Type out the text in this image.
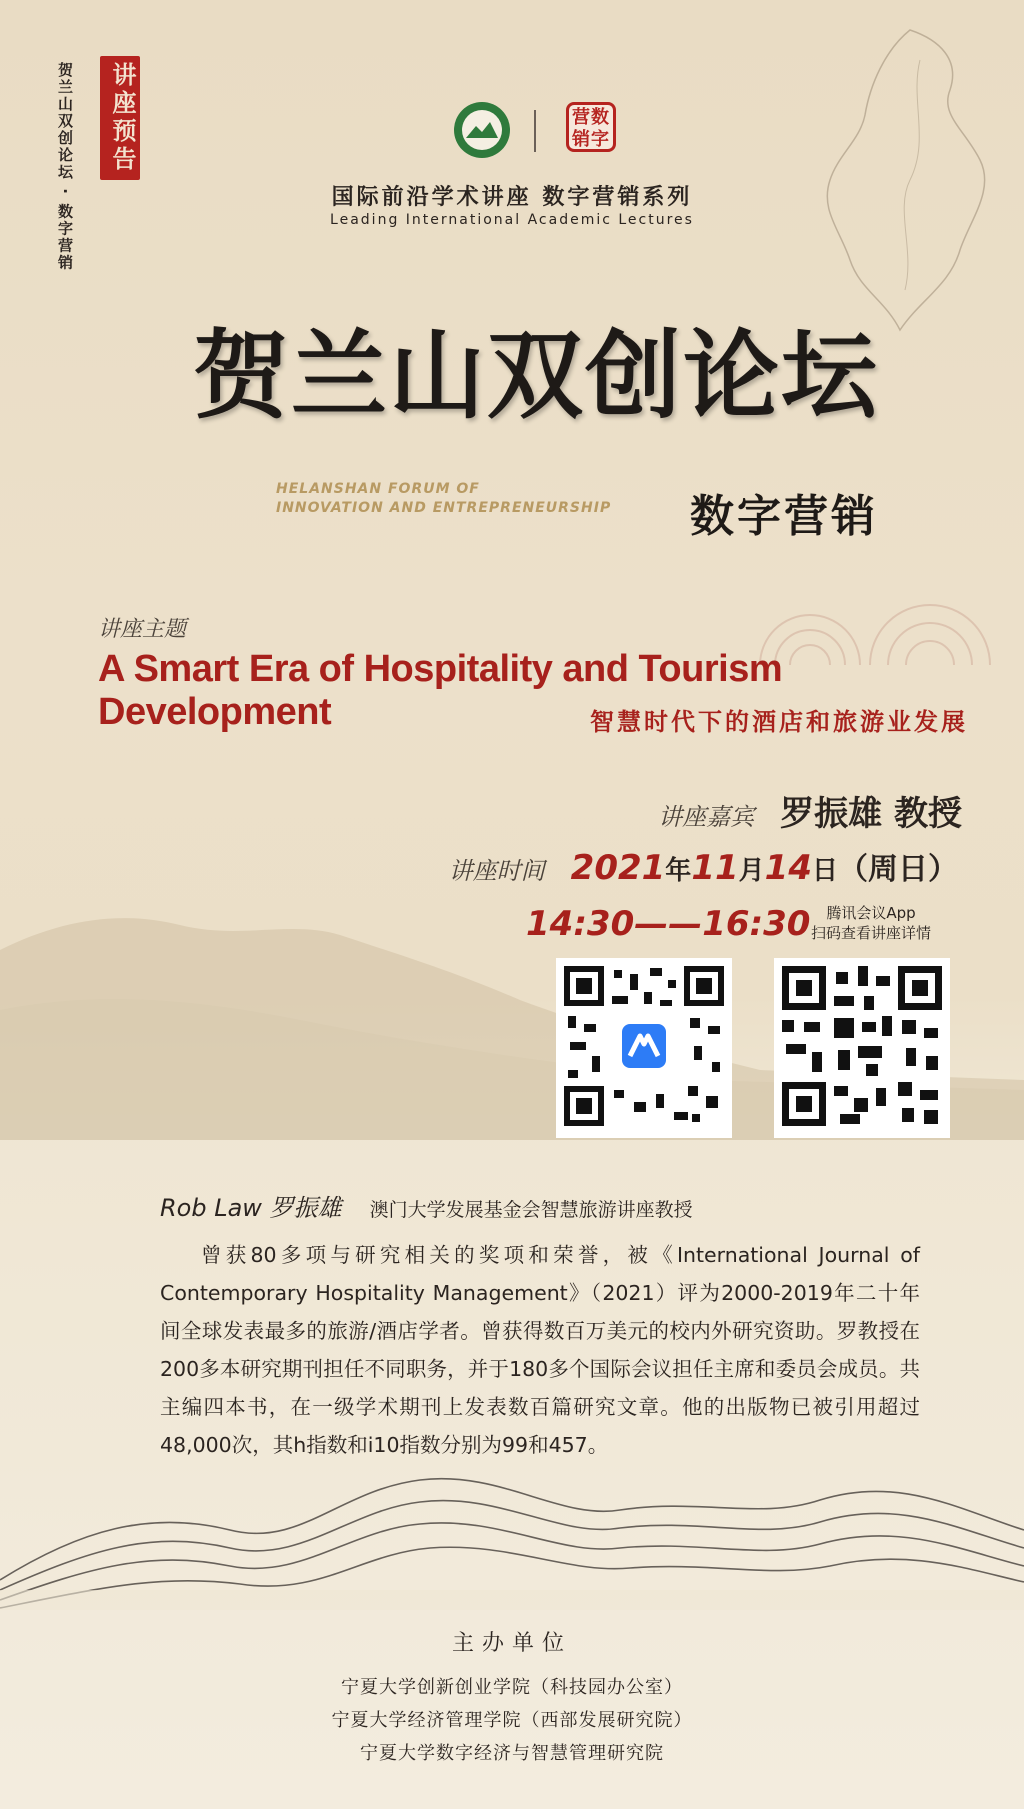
贺兰山双创论坛 · 数字营销	讲座预告	营数销字
国际前沿学术讲座 数字营销系列
Leading International Academic Lectures
贺兰山双创论坛
HELANSHAN FORUM OF
INNOVATION AND ENTREPRENEURSHIP 数字营销
讲座主题
A Smart Era of Hospitality and Tourism Development	智慧时代下的酒店和旅游业发展
讲座嘉宾 罗振雄 教授
讲座时间 2021年11月14日（周日）
14:30——16:30	腾讯会议App
扫码查看讲座详情
Rob Law 罗振雄 澳门大学发展基金会智慧旅游讲座教授
曾获80多项与研究相关的奖项和荣誉，被《International Journal of Contemporary Hospitality Management》（2021）评为2000-2019年二十年间全球发表最多的旅游/酒店学者。曾获得数百万美元的校内外研究资助。罗教授在200多本研究期刊担任不同职务，并于180多个国际会议担任主席和委员会成员。共主编四本书，在一级学术期刊上发表数百篇研究文章。他的出版物已被引用超过48,000次，其h指数和i10指数分别为99和457。
主办单位
宁夏大学创新创业学院（科技园办公室）
宁夏大学经济管理学院（西部发展研究院）
宁夏大学数字经济与智慧管理研究院
